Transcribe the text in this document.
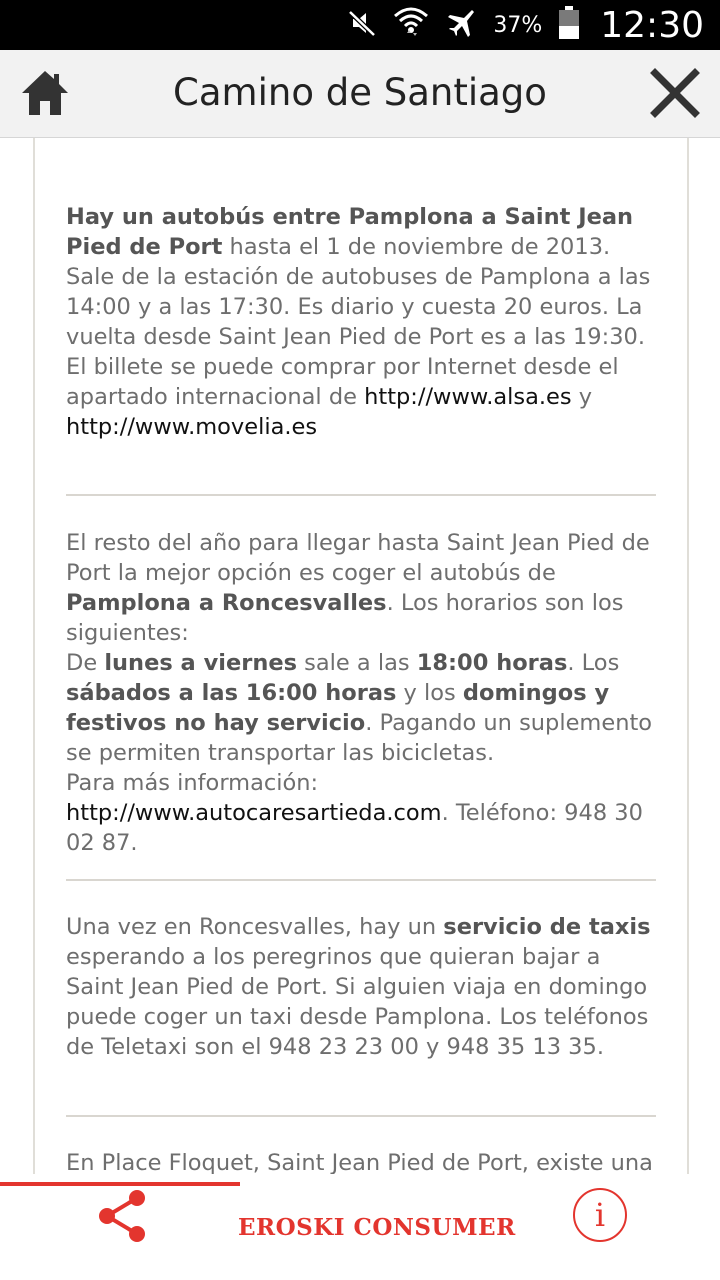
37% 12:30
Camino de Santiago
Hay un autobús entre Pamplona a Saint Jean Pied de Port hasta el 1 de noviembre de 2013. Sale de la estación de autobuses de Pamplona a las 14:00 y a las 17:30. Es diario y cuesta 20 euros. La vuelta desde Saint Jean Pied de Port es a las 19:30. El billete se puede comprar por Internet desde el apartado internacional de http://www.alsa.es y http://www.movelia.es
El resto del año para llegar hasta Saint Jean Pied de Port la mejor opción es coger el autobús de Pamplona a Roncesvalles. Los horarios son los siguientes:
De lunes a viernes sale a las 18:00 horas. Los sábados a las 16:00 horas y los domingos y festivos no hay servicio. Pagando un suplemento se permiten transportar las bicicletas.
Para más información:
http://www.autocaresartieda.com. Teléfono: 948 30 02 87.
Una vez en Roncesvalles, hay un servicio de taxis esperando a los peregrinos que quieran bajar a Saint Jean Pied de Port. Si alguien viaja en domingo puede coger un taxi desde Pamplona. Los teléfonos de Teletaxi son el 948 23 23 00 y 948 35 13 35.
En Place Floquet, Saint Jean Pied de Port, existe una
EROSKI CONSUMER i
